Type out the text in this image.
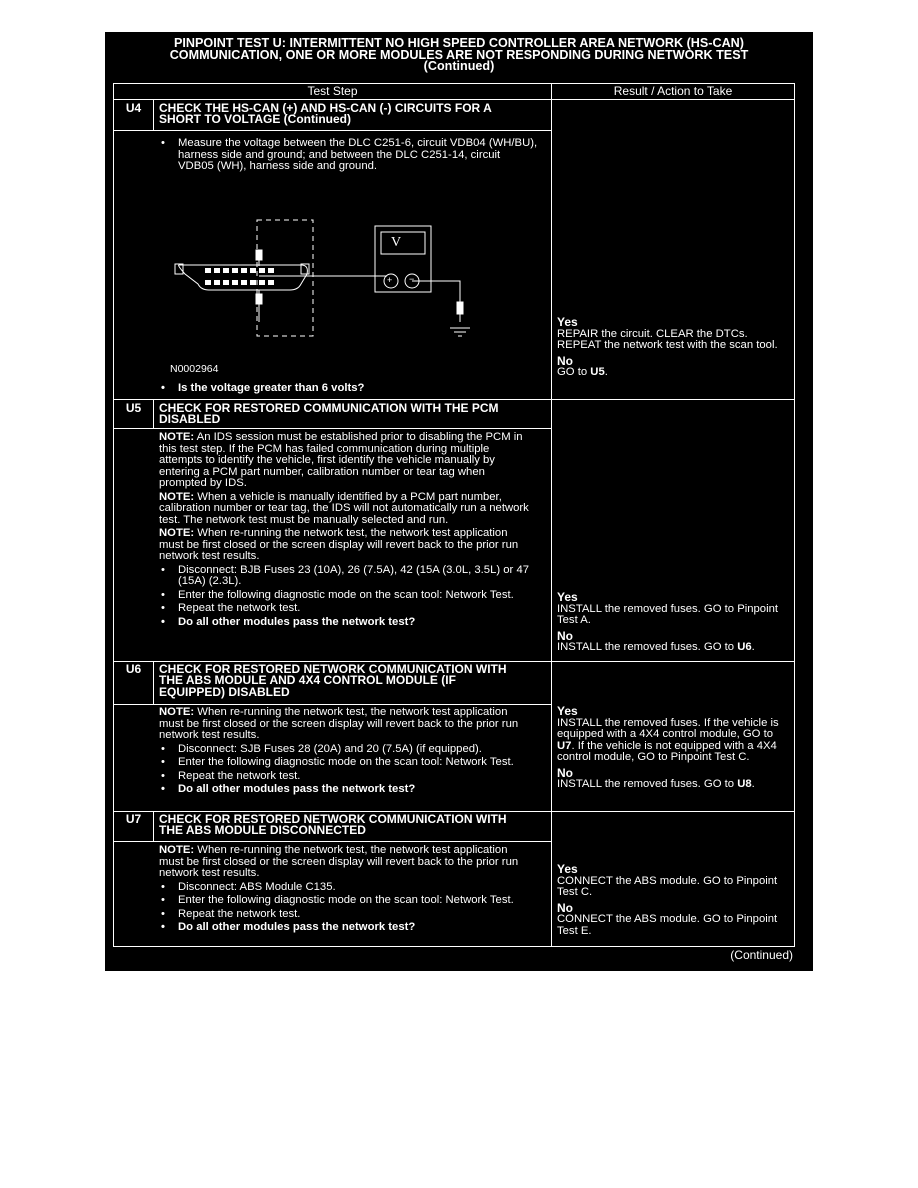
PINPOINT TEST U: INTERMITTENT NO HIGH SPEED CONTROLLER AREA NETWORK (HS-CAN)
COMMUNICATION, ONE OR MORE MODULES ARE NOT RESPONDING DURING NETWORK TEST
(Continued)
V
+ −
Test Step	Result / Action to Take
U4	CHECK THE HS-CAN (+) AND HS-CAN (-) CIRCUITS FOR A
SHORT TO VOLTAGE (Continued)

• Measure the voltage between the DLC C251-6, circuit VDB04 (WH/BU), harness side and ground; and between the DLC C251-14, circuit VDB05 (WH), harness side and ground.

N0002964

• Is the voltage greater than 6 volts?

Yes
REPAIR the circuit. CLEAR the DTCs. REPEAT the network test with the scan tool.
No
GO to U5.
U5	CHECK FOR RESTORED COMMUNICATION WITH THE PCM
DISABLED

NOTE: An IDS session must be established prior to disabling the PCM in this test step. If the PCM has failed communication during multiple attempts to identify the vehicle, first identify the vehicle manually by entering a PCM part number, calibration number or tear tag when prompted by IDS.

NOTE: When a vehicle is manually identified by a PCM part number, calibration number or tear tag, the IDS will not automatically run a network test. The network test must be manually selected and run.

NOTE: When re-running the network test, the network test application must be first closed or the screen display will revert back to the prior run network test results.

• Disconnect: BJB Fuses 23 (10A), 26 (7.5A), 42 (15A (3.0L, 3.5L) or 47 (15A) (2.3L).

• Enter the following diagnostic mode on the scan tool: Network Test.

• Repeat the network test.

• Do all other modules pass the network test?

Yes
INSTALL the removed fuses. GO to Pinpoint Test A.
No
INSTALL the removed fuses. GO to U6.
U6	CHECK FOR RESTORED NETWORK COMMUNICATION WITH
THE ABS MODULE AND 4X4 CONTROL MODULE (IF
EQUIPPED) DISABLED

NOTE: When re-running the network test, the network test application must be first closed or the screen display will revert back to the prior run network test results.

• Disconnect: SJB Fuses 28 (20A) and 20 (7.5A) (if equipped).

• Enter the following diagnostic mode on the scan tool: Network Test.

• Repeat the network test.

• Do all other modules pass the network test?

Yes
INSTALL the removed fuses. If the vehicle is equipped with a 4X4 control module, GO to U7. If the vehicle is not equipped with a 4X4 control module, GO to Pinpoint Test C.
No
INSTALL the removed fuses. GO to U8.
U7	CHECK FOR RESTORED NETWORK COMMUNICATION WITH
THE ABS MODULE DISCONNECTED

NOTE: When re-running the network test, the network test application must be first closed or the screen display will revert back to the prior run network test results.

• Disconnect: ABS Module C135.

• Enter the following diagnostic mode on the scan tool: Network Test.

• Repeat the network test.

• Do all other modules pass the network test?

Yes
CONNECT the ABS module. GO to Pinpoint Test C.
No
CONNECT the ABS module. GO to Pinpoint Test E.
(Continued)
